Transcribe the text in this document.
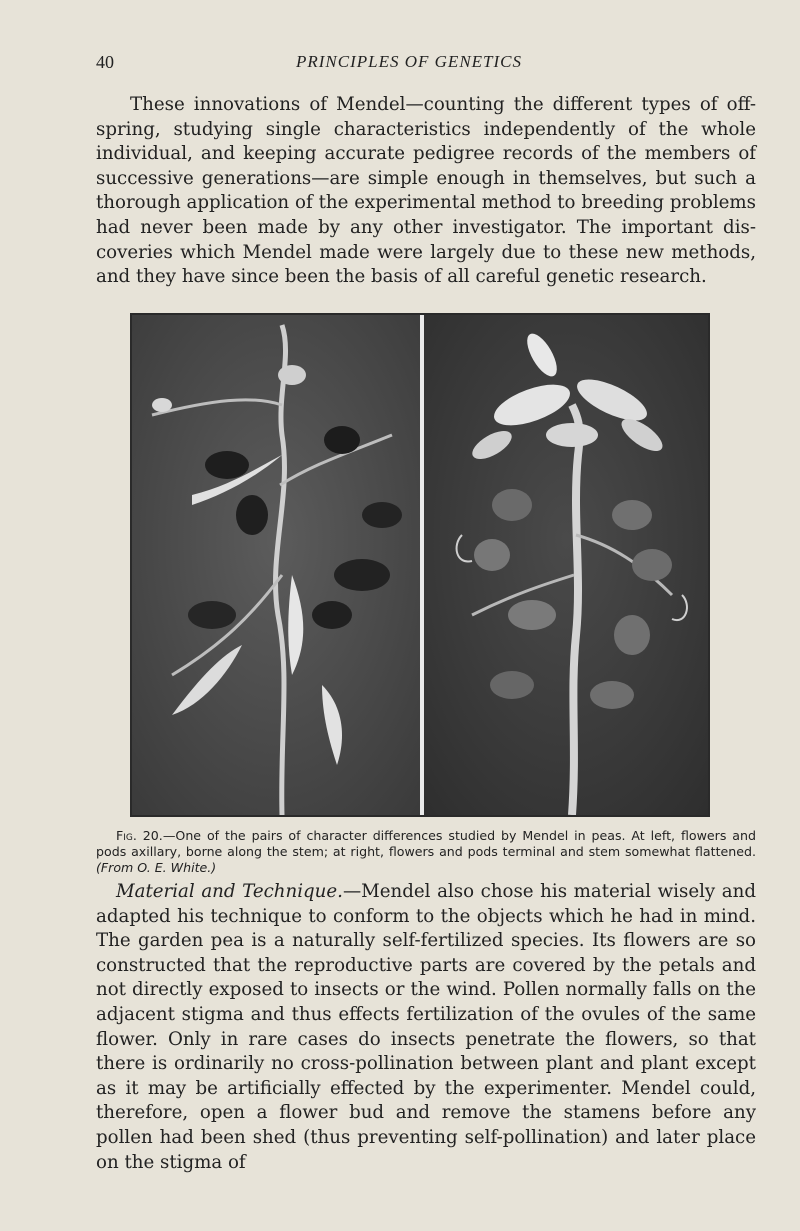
40	PRINCIPLES OF GENETICS

These innovations of Mendel—counting the different types of off-spring, studying single characteristics independently of the whole individual, and keeping accurate pedigree records of the members of successive generations—are simple enough in themselves, but such a thorough application of the experimental method to breeding problems had never been made by any other investigator. The important dis-coveries which Mendel made were largely due to these new methods, and they have since been the basis of all careful genetic research.

Fig. 20.—One of the pairs of character differences studied by Mendel in peas. At left, flowers and pods axillary, borne along the stem; at right, flowers and pods terminal and stem somewhat flattened. (From O. E. White.)

Material and Technique.—Mendel also chose his material wisely and adapted his technique to conform to the objects which he had in mind. The garden pea is a naturally self-fertilized species. Its flowers are so constructed that the reproductive parts are covered by the petals and not directly exposed to insects or the wind. Pollen normally falls on the adjacent stigma and thus effects fertilization of the ovules of the same flower. Only in rare cases do insects penetrate the flowers, so that there is ordinarily no cross-pollination between plant and plant except as it may be artificially effected by the experimenter. Mendel could, therefore, open a flower bud and remove the stamens before any pollen had been shed (thus preventing self-pollination) and later place on the stigma of
